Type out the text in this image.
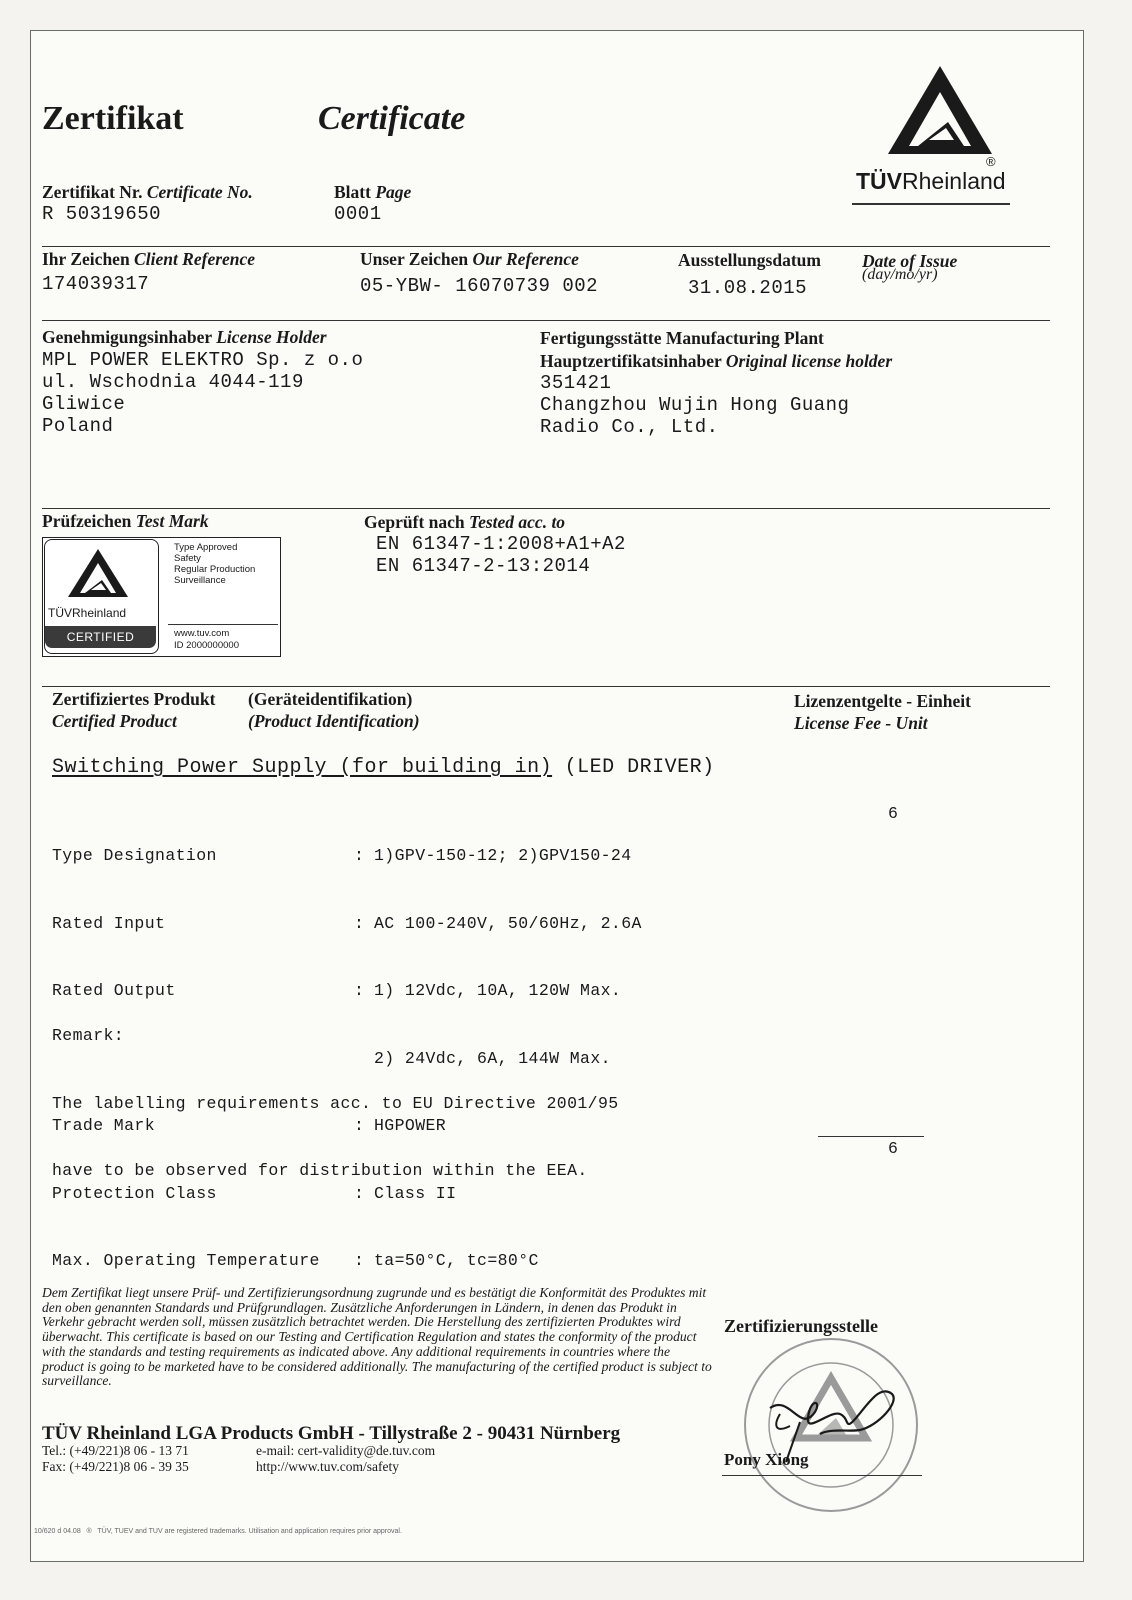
Zertifikat	Certificate
®
TÜVRheinland
Zertifikat Nr. Certificate No.
R 50319650
Blatt Page
0001
Ihr Zeichen Client Reference
174039317
Unser Zeichen Our Reference
05-YBW- 16070739 002
Ausstellungsdatum
31.08.2015
Date of Issue
(day/mo/yr)
Genehmigungsinhaber License Holder
MPL POWER ELEKTRO Sp. z o.o
ul. Wschodnia 4044-119
Gliwice
Poland
Fertigungsstätte Manufacturing Plant
Hauptzertifikatsinhaber Original license holder
351421
Changzhou Wujin Hong Guang
Radio Co., Ltd.
Prüfzeichen Test Mark
TÜVRheinland
CERTIFIED
Type Approved
Safety
Regular Production
Surveillance
www.tuv.com
ID 2000000000
Geprüft nach Tested acc. to
EN 61347-1:2008+A1+A2
EN 61347-2-13:2014
Zertifiziertes Produkt (Geräteidentifikation)
Certified Product	(Product Identification)
Lizenzentgelte - Einheit
License Fee - Unit
Switching Power Supply (for building in) (LED DRIVER)

Type Designation

Rated Input

Rated Output

Trade Mark

Protection Class

Max. Operating Temperature

:

:

:

:

:

:

1)GPV-150-12; 2)GPV150-24

AC 100-240V, 50/60Hz, 2.6A

1) 12Vdc, 10A, 120W Max.

2) 24Vdc, 6A, 144W Max.

HGPOWER

Class II

ta=50°C, tc=80°C

6

Remark:

The labelling requirements acc. to EU Directive 2001/95

have to be observed for distribution within the EEA.

6
Dem Zertifikat liegt unsere Prüf- und Zertifizierungsordnung zugrunde und es bestätigt die Konformität des Produktes mit den oben genannten Standards und Prüfgrundlagen. Zusätzliche Anforderungen in Ländern, in denen das Produkt in Verkehr gebracht werden soll, müssen zusätzlich betrachtet werden. Die Herstellung des zertifizierten Produktes wird überwacht. This certificate is based on our Testing and Certification Regulation and states the conformity of the product with the standards and testing requirements as indicated above. Any additional requirements in countries where the product is going to be marketed have to be considered additionally. The manufacturing of the certified product is subject to surveillance.
TÜV Rheinland LGA Products GmbH - Tillystraße 2 - 90431 Nürnberg
Tel.: (+49/221)8 06 - 13 71
Fax: (+49/221)8 06 - 39 35
e-mail: cert-validity@de.tuv.com
http://www.tuv.com/safety
Zertifizierungsstelle
Pony Xiong
10/620 d 04.08   ®   TÜV, TUEV and TUV are registered trademarks. Utilisation and application requires prior approval.
